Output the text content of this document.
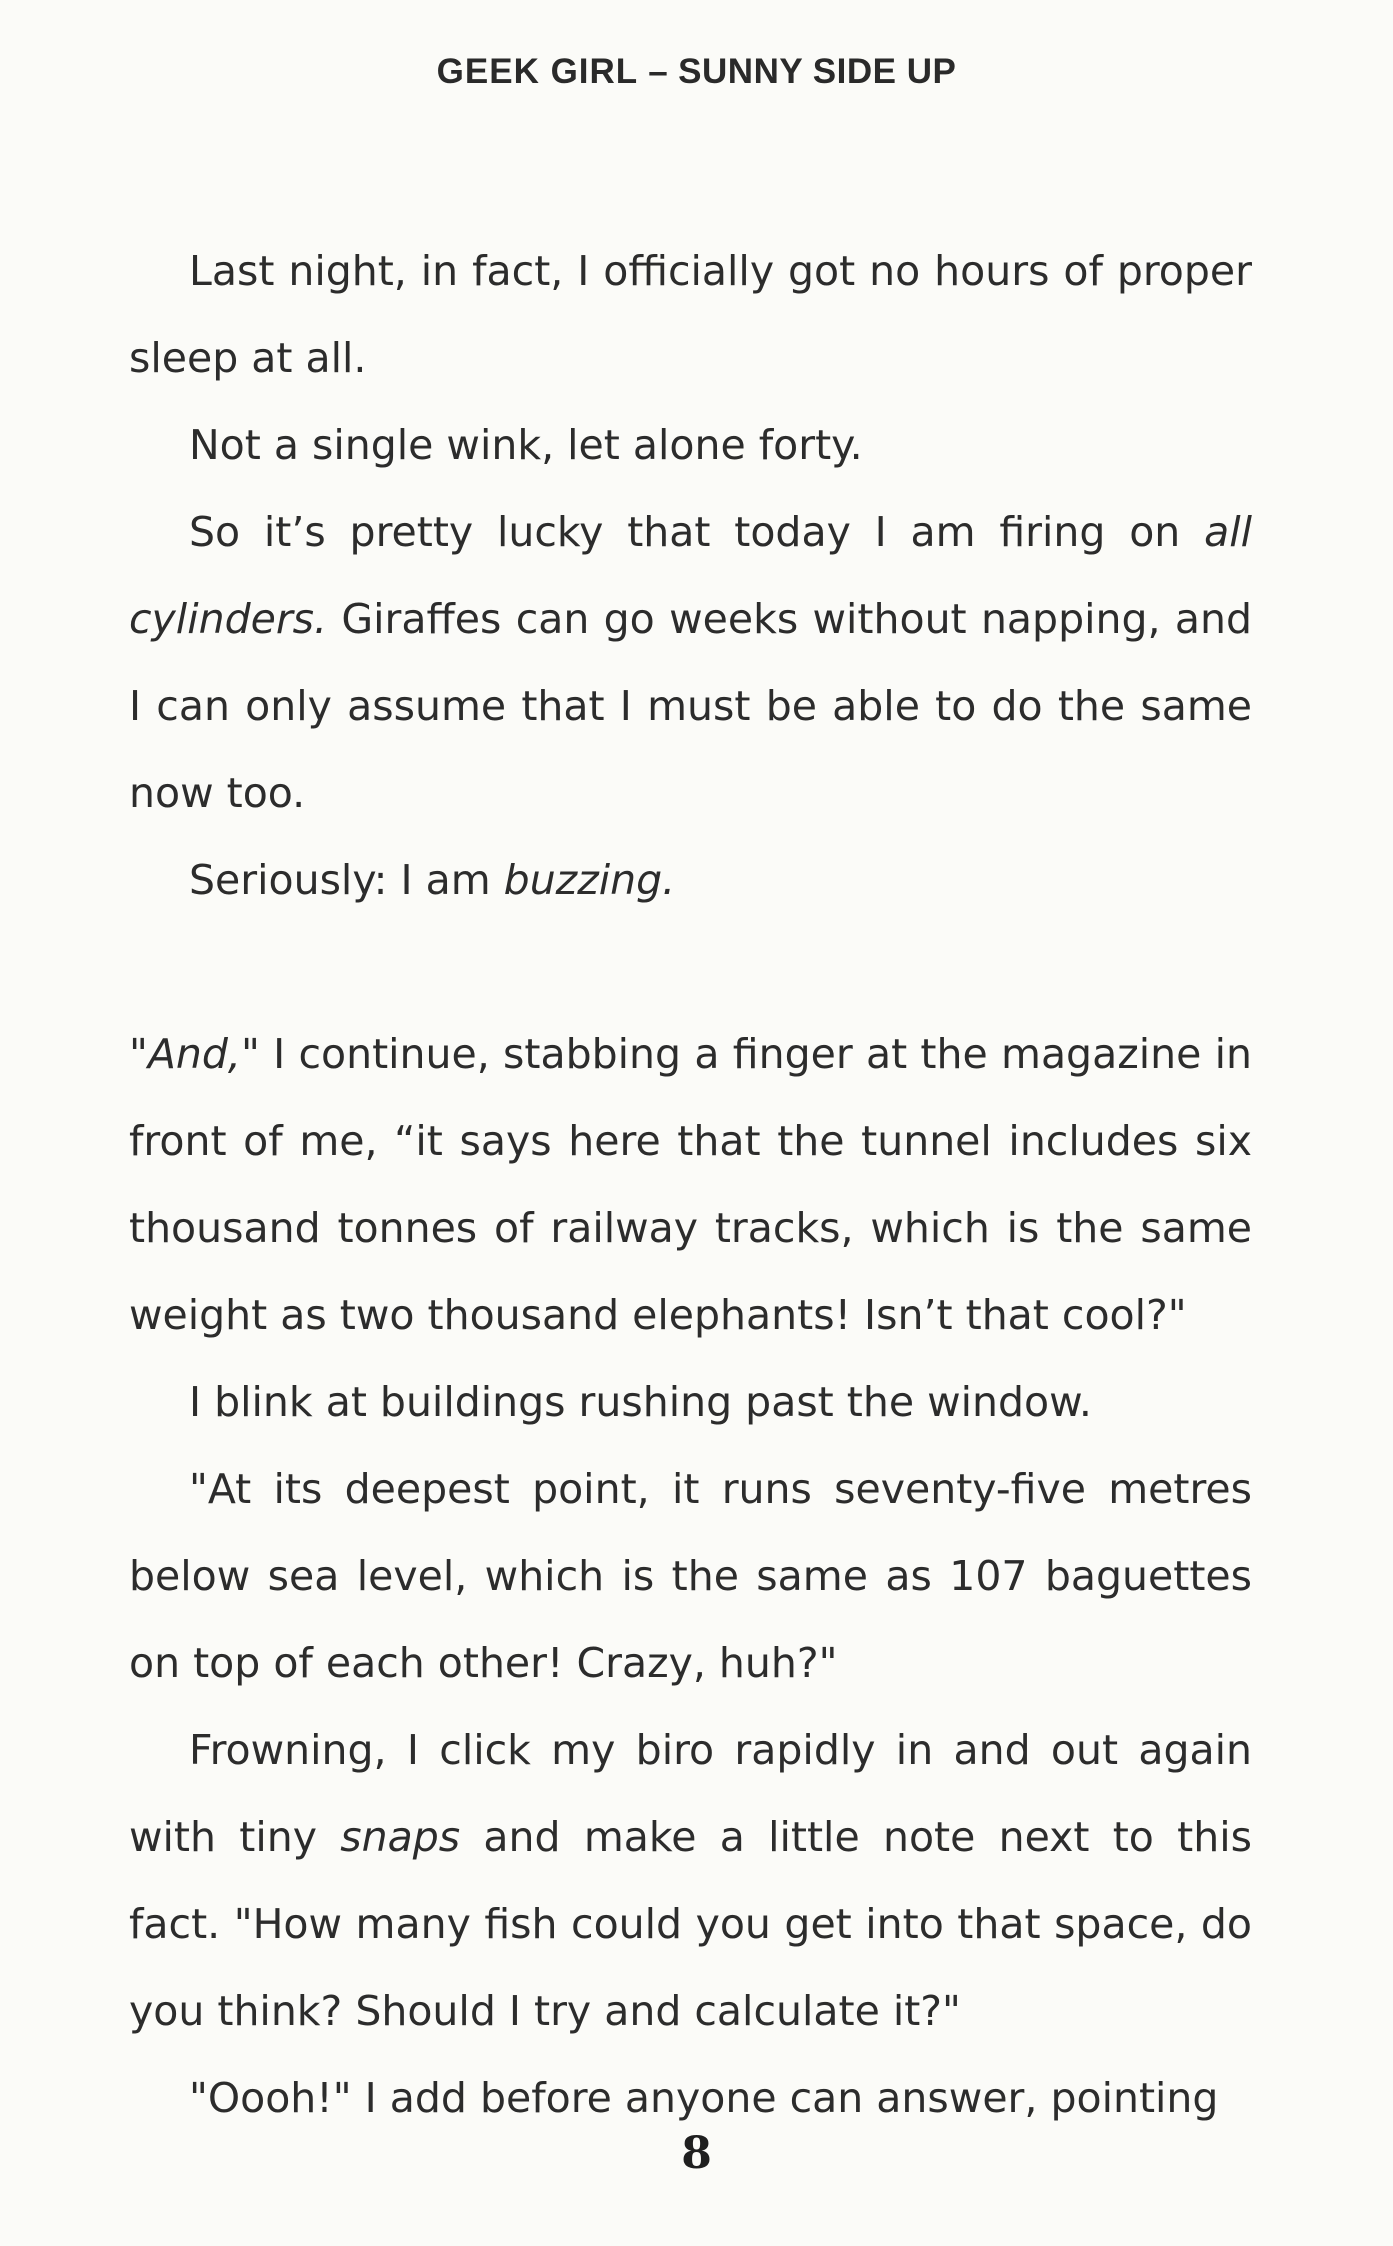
GEEK GIRL – SUNNY SIDE UP

Last night, in fact, I officially got no hours of proper sleep at all.

Not a single wink, let alone forty.

So it’s pretty lucky that today I am firing on all cylinders. Giraffes can go weeks without napping, and I can only assume that I must be able to do the same now too.

Seriously: I am buzzing.

"And," I continue, stabbing a finger at the magazine in front of me, “it says here that the tunnel includes six thousand tonnes of railway tracks, which is the same weight as two thousand elephants! Isn’t that cool?"

I blink at buildings rushing past the window.

"At its deepest point, it runs seventy-five metres below sea level, which is the same as 107 baguettes on top of each other! Crazy, huh?"

Frowning, I click my biro rapidly in and out again with tiny snaps and make a little note next to this fact. "How many fish could you get into that space, do you think? Should I try and calculate it?"

"Oooh!" I add before anyone can answer, pointing

8
